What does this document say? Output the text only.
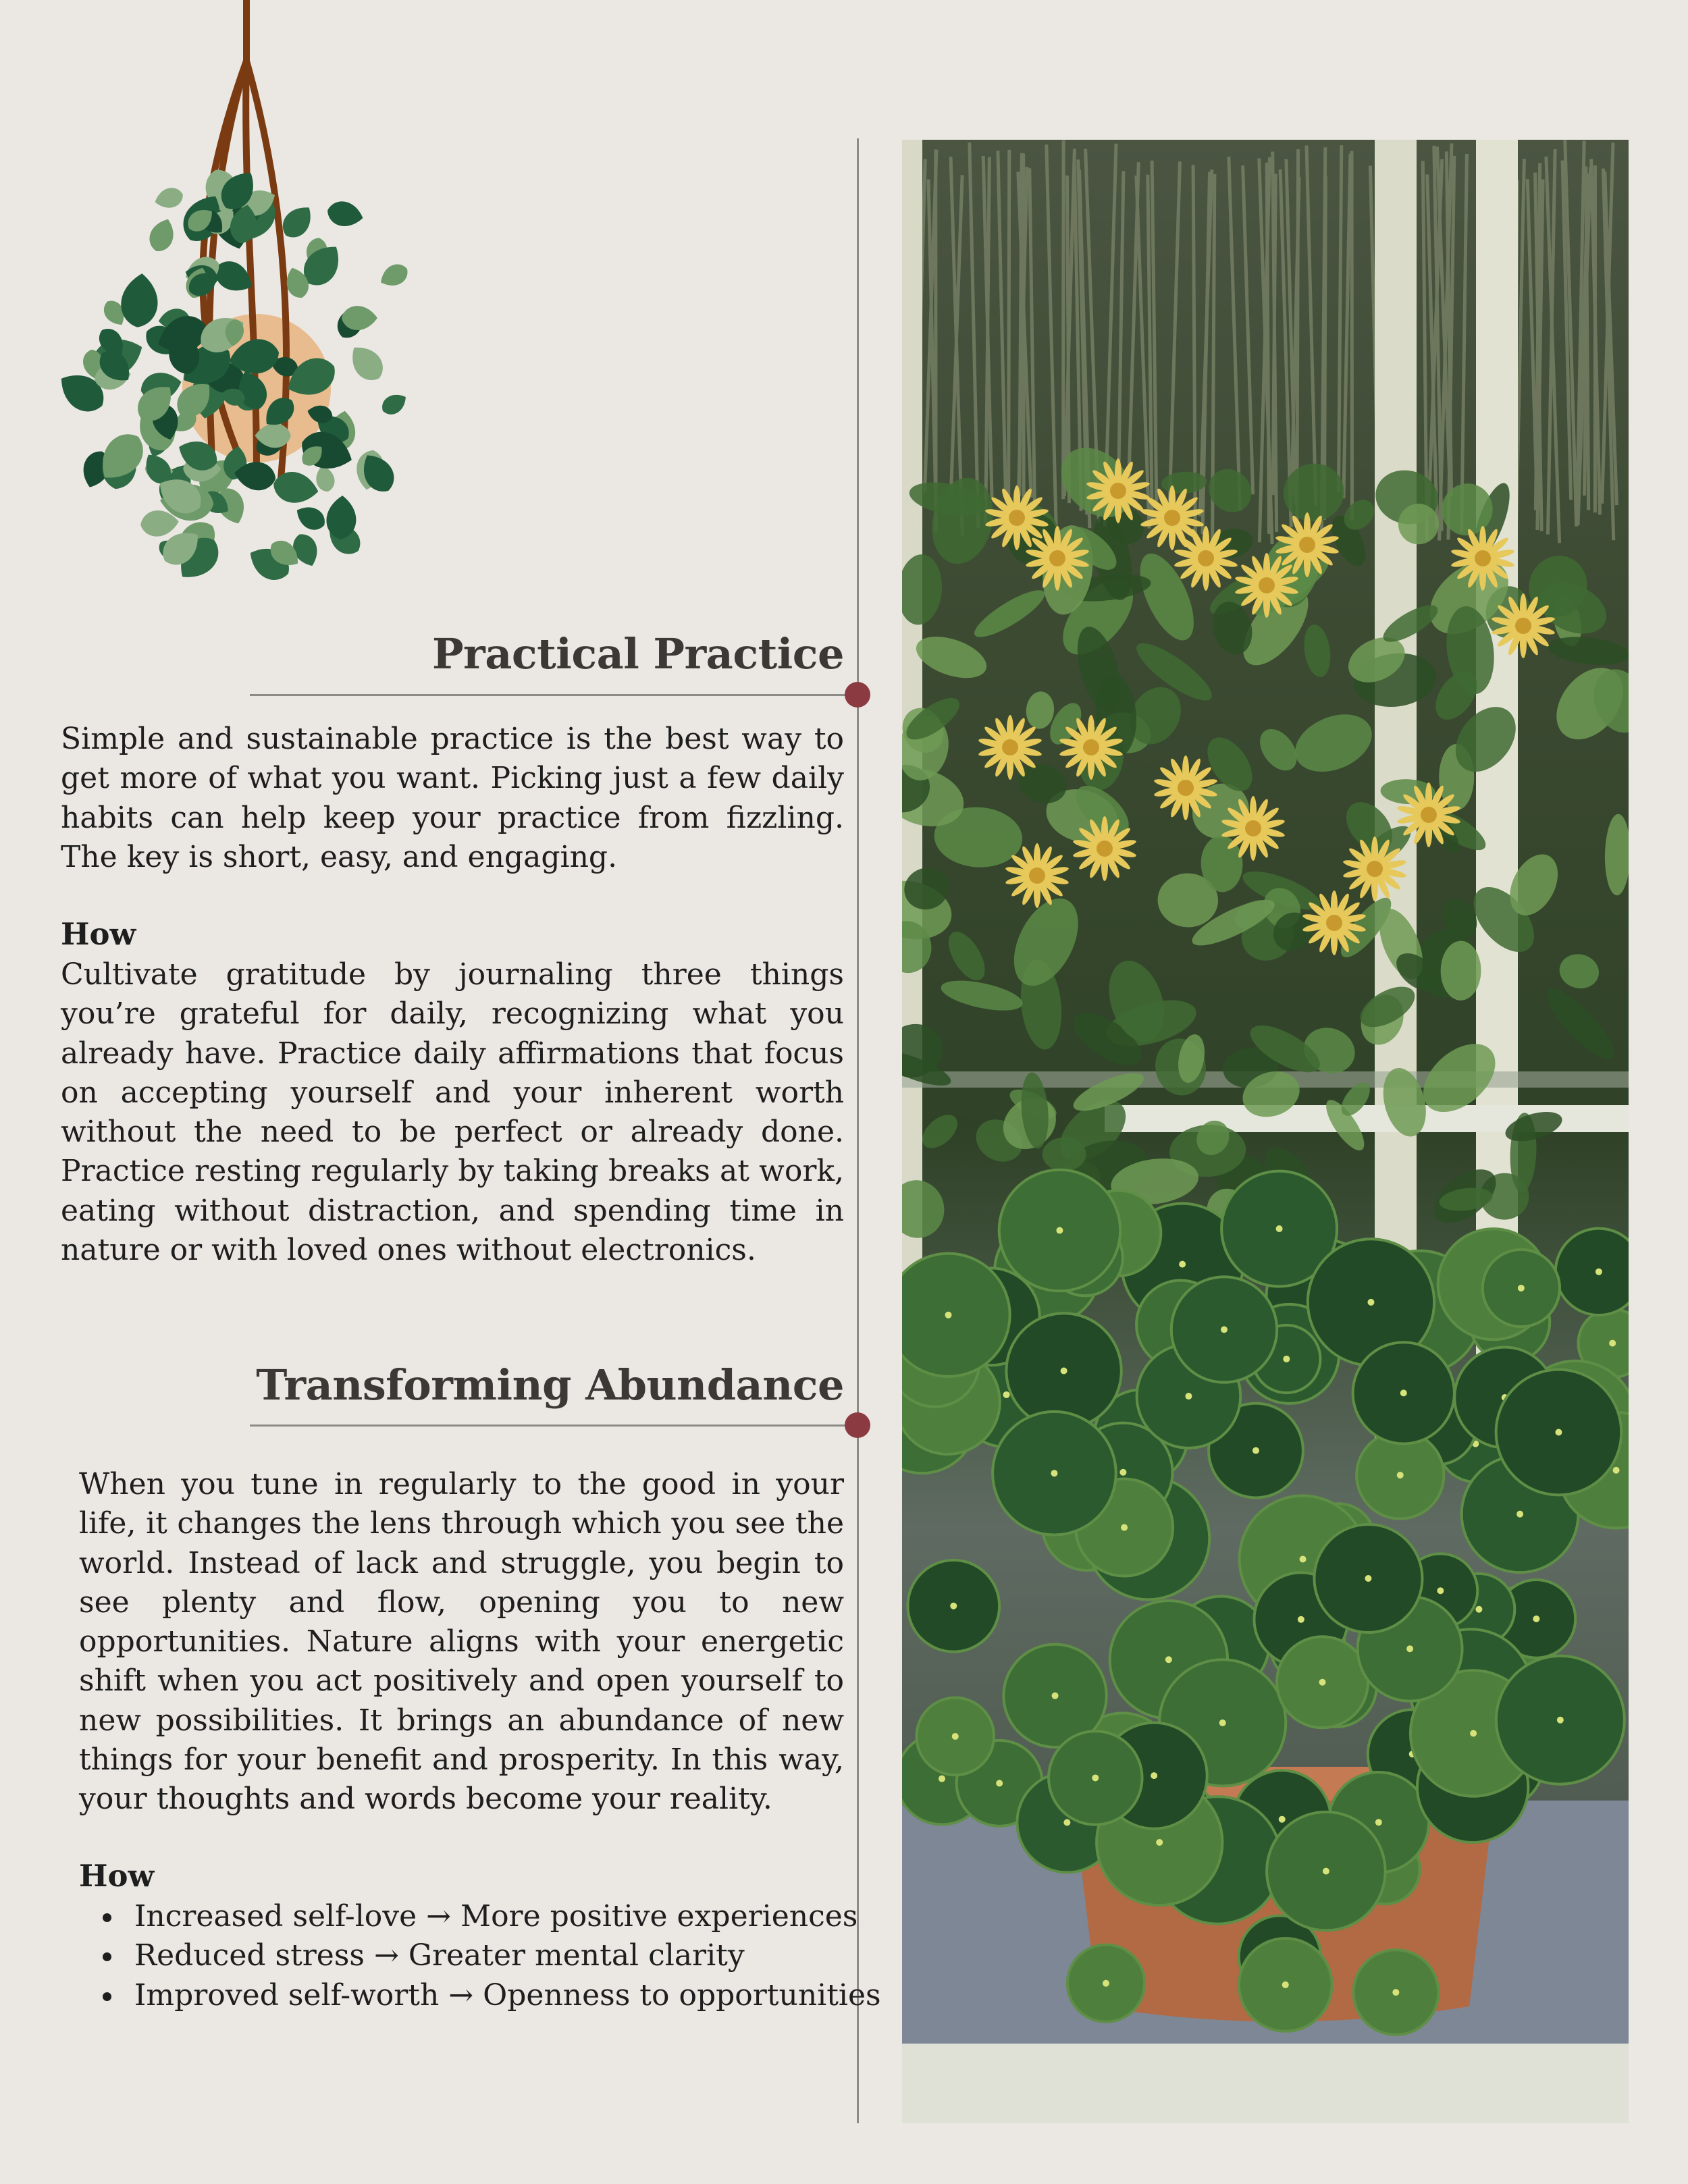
Practical Practice

Simple and sustainable practice is the best way to get more of what you want. Picking just a few daily habits can help keep your practice from fizzling. The key is short, easy, and engaging.

How

Cultivate gratitude by journaling three things you’re grateful for daily, recognizing what you already have. Practice daily affirmations that focus on accepting yourself and your inherent worth without the need to be perfect or already done. Practice resting regularly by taking breaks at work, eating without distraction, and spending time in nature or with loved ones without electronics.

Transforming Abundance

When you tune in regularly to the good in your life, it changes the lens through which you see the world. Instead of lack and struggle, you begin to see plenty and flow, opening you to new opportunities. Nature aligns with your energetic shift when you act positively and open yourself to new possibilities. It brings an abundance of new things for your benefit and prosperity. In this way, your thoughts and words become your reality.

How

Increased self-love → More positive experiences
Reduced stress → Greater mental clarity
Improved self-worth → Openness to opportunities
